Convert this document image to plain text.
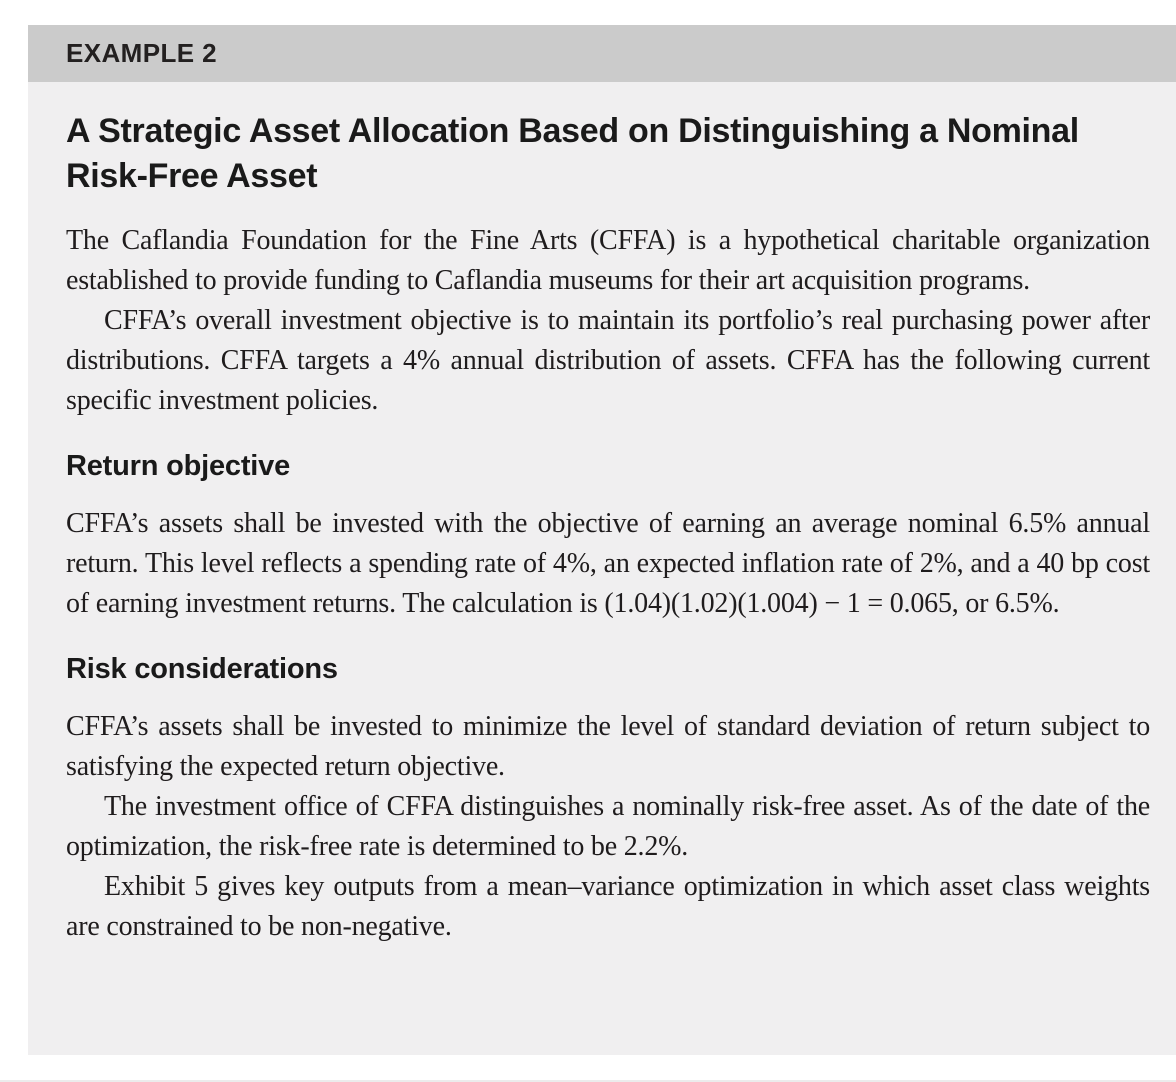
EXAMPLE 2
A Strategic Asset Allocation Based on Distinguishing a Nominal Risk-Free Asset

The Caflandia Foundation for the Fine Arts (CFFA) is a hypothetical charitable organization established to provide funding to Caflandia museums for their art acquisition programs.

CFFA’s overall investment objective is to maintain its portfolio’s real purchasing power after distributions. CFFA targets a 4% annual distribution of assets. CFFA has the following current specific investment policies.

Return objective

CFFA’s assets shall be invested with the objective of earning an average nominal 6.5% annual return. This level reflects a spending rate of 4%, an expected inflation rate of 2%, and a 40 bp cost of earning investment returns. The calculation is (1.04)(1.02)(1.004) − 1 = 0.065, or 6.5%.

Risk considerations

CFFA’s assets shall be invested to minimize the level of standard deviation of return subject to satisfying the expected return objective.

The investment office of CFFA distinguishes a nominally risk-free asset. As of the date of the optimization, the risk-free rate is determined to be 2.2%.

Exhibit 5 gives key outputs from a mean–variance optimization in which asset class weights are constrained to be non-negative.
